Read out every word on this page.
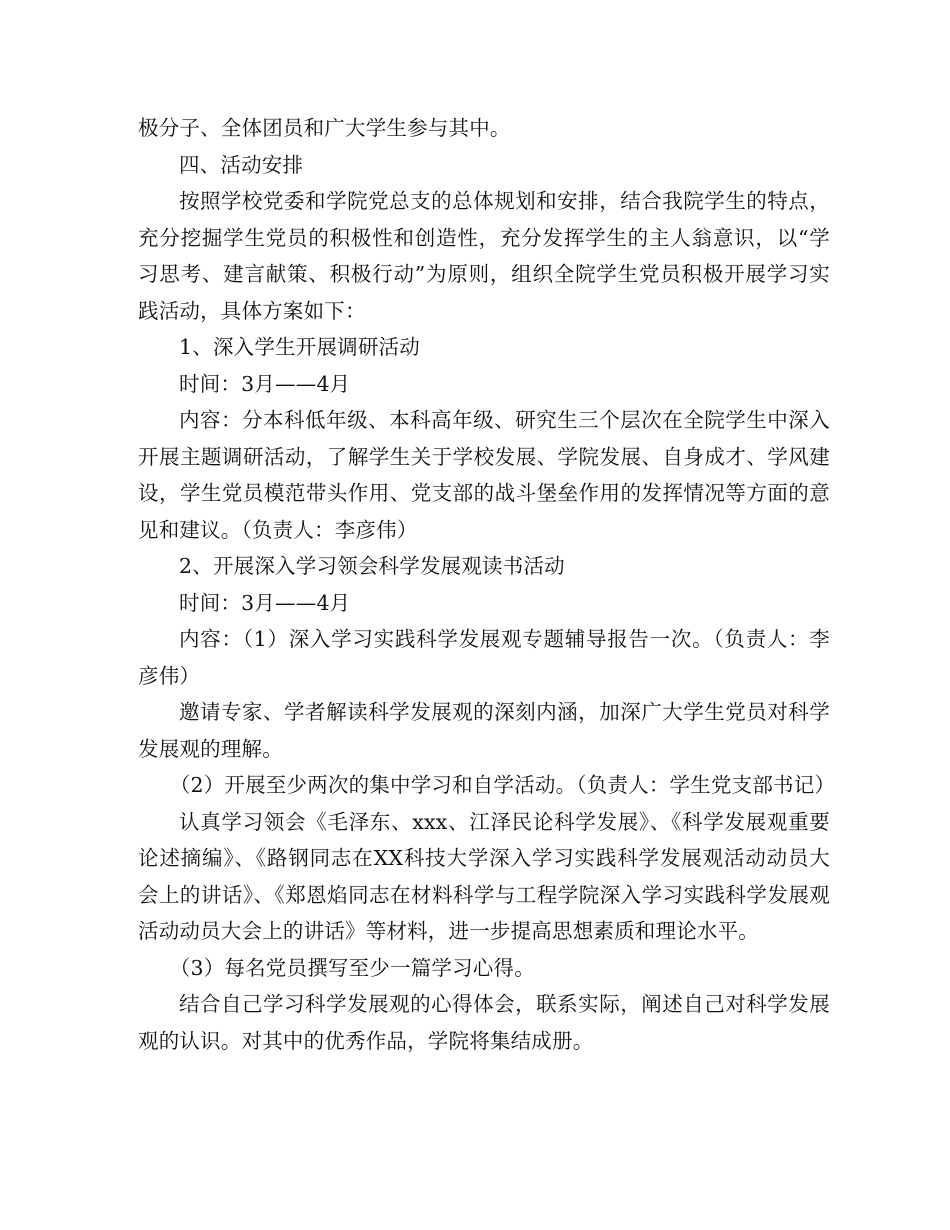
极分子、全体团员和广大学生参与其中。

四、活动安排

按照学校党委和学院党总支的总体规划和安排，结合我院学生的特点，充分挖掘学生党员的积极性和创造性，充分发挥学生的主人翁意识，以“学习思考、建言献策、积极行动”为原则，组织全院学生党员积极开展学习实践活动，具体方案如下：

1、深入学生开展调研活动

时间：3月——4月

内容：分本科低年级、本科高年级、研究生三个层次在全院学生中深入开展主题调研活动，了解学生关于学校发展、学院发展、自身成才、学风建设，学生党员模范带头作用、党支部的战斗堡垒作用的发挥情况等方面的意见和建议。（负责人：李彦伟）

2、开展深入学习领会科学发展观读书活动

时间：3月——4月

内容：（1）深入学习实践科学发展观专题辅导报告一次。（负责人：李彦伟）

邀请专家、学者解读科学发展观的深刻内涵，加深广大学生党员对科学发展观的理解。

（2）开展至少两次的集中学习和自学活动。（负责人：学生党支部书记）

认真学习领会《毛泽东、xxx、江泽民论科学发展》、《科学发展观重要论述摘编》、《路钢同志在XX科技大学深入学习实践科学发展观活动动员大会上的讲话》、《郑恩焰同志在材料科学与工程学院深入学习实践科学发展观活动动员大会上的讲话》等材料，进一步提高思想素质和理论水平。

（3）每名党员撰写至少一篇学习心得。

结合自己学习科学发展观的心得体会，联系实际，阐述自己对科学发展观的认识。对其中的优秀作品，学院将集结成册。
